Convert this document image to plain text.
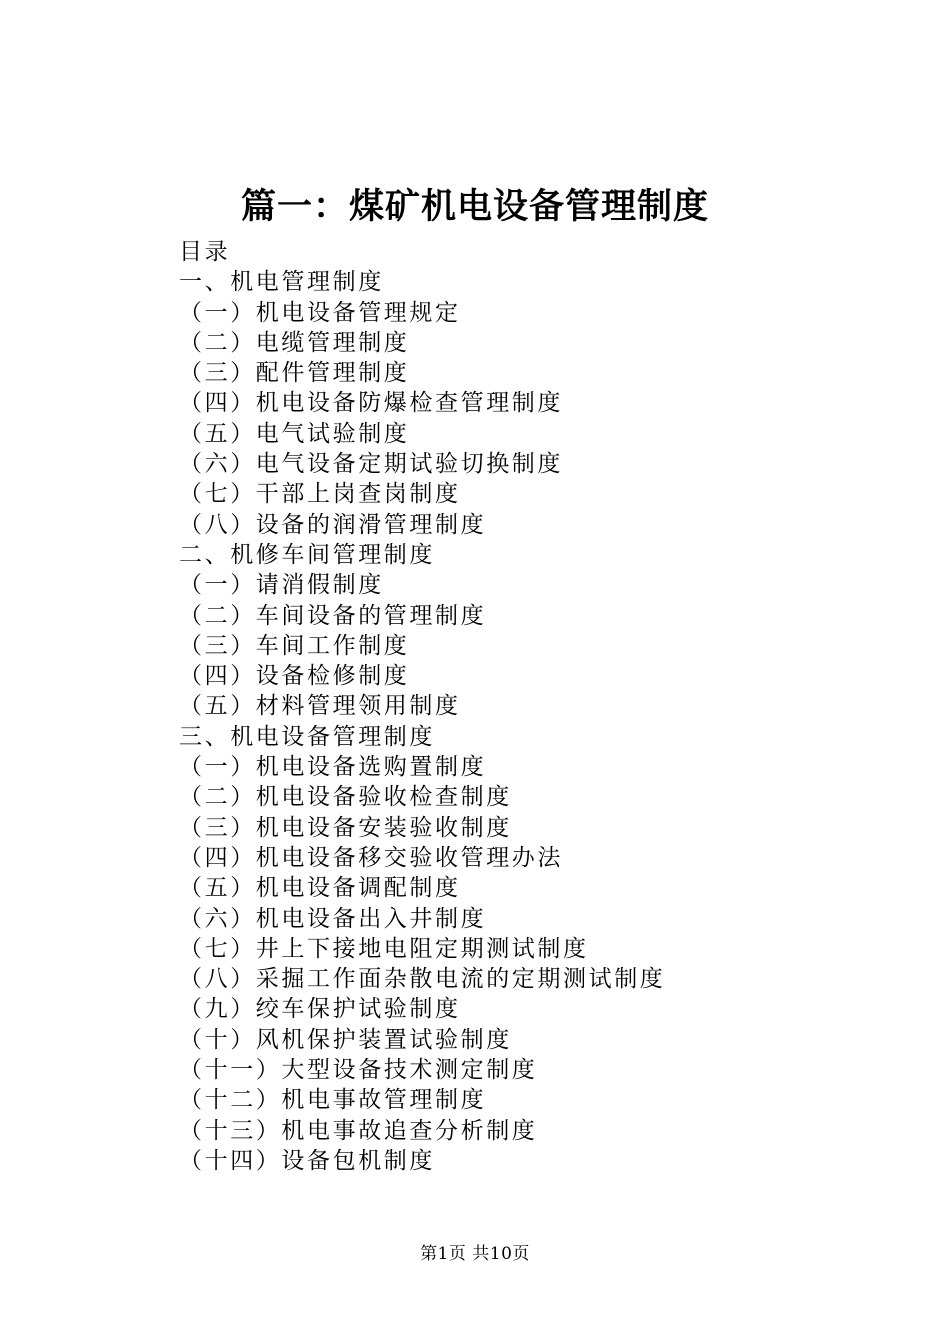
篇一：煤矿机电设备管理制度
目录
一、机电管理制度
（一）机电设备管理规定
（二）电缆管理制度
（三）配件管理制度
（四）机电设备防爆检查管理制度
（五）电气试验制度
（六）电气设备定期试验切换制度
（七）干部上岗查岗制度
（八）设备的润滑管理制度
二、机修车间管理制度
（一）请消假制度
（二）车间设备的管理制度
（三）车间工作制度
（四）设备检修制度
（五）材料管理领用制度
三、机电设备管理制度
（一）机电设备选购置制度
（二）机电设备验收检查制度
（三）机电设备安装验收制度
（四）机电设备移交验收管理办法
（五）机电设备调配制度
（六）机电设备出入井制度
（七）井上下接地电阻定期测试制度
（八）采掘工作面杂散电流的定期测试制度
（九）绞车保护试验制度
（十）风机保护装置试验制度
（十一）大型设备技术测定制度
（十二）机电事故管理制度
（十三）机电事故追查分析制度
（十四）设备包机制度
第1页 共10页
